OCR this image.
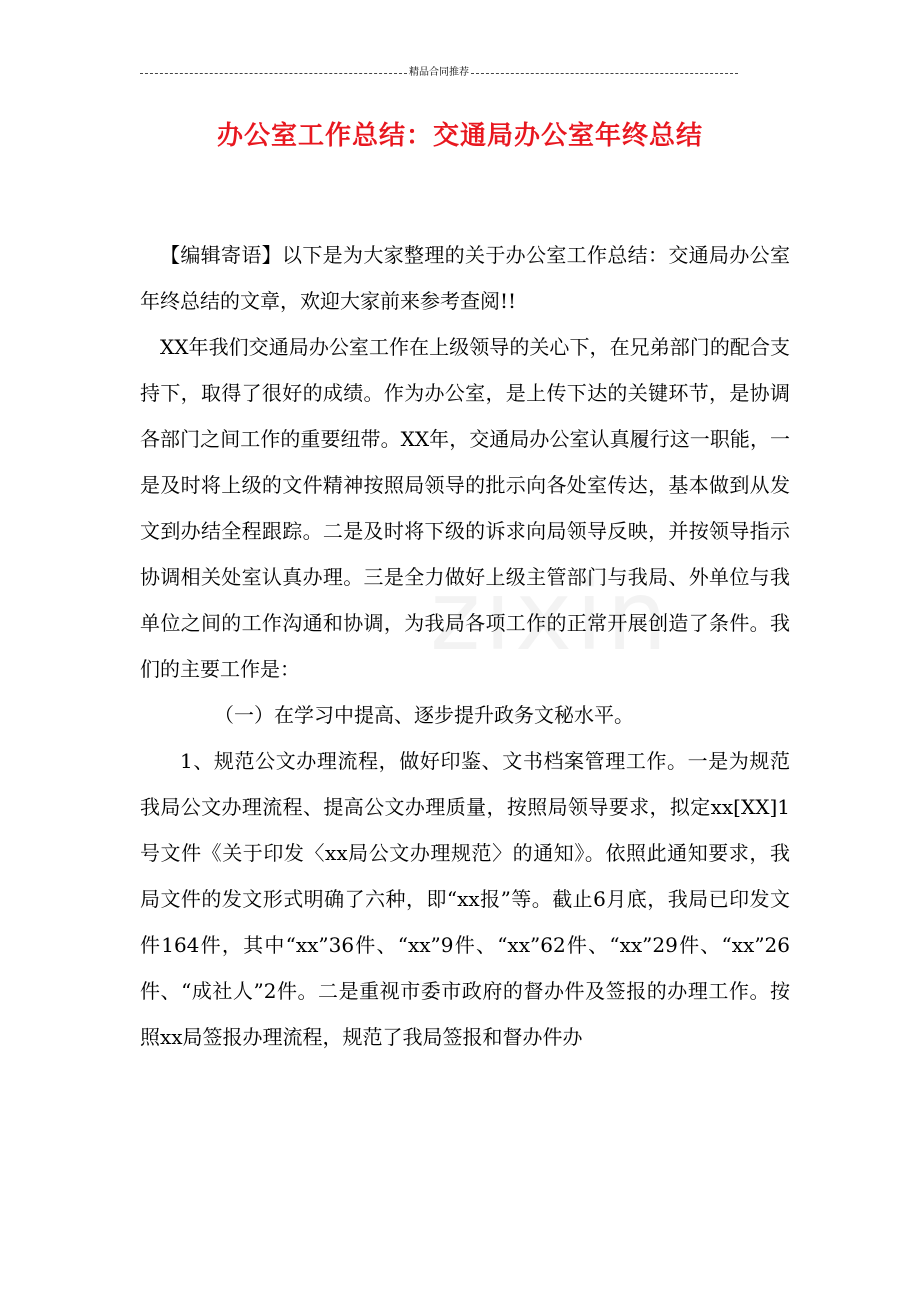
精品合同推荐
办公室工作总结：交通局办公室年终总结

【编辑寄语】以下是为大家整理的关于办公室工作总结：交通局办公室年终总结的文章，欢迎大家前来参考查阅!!

XX年我们交通局办公室工作在上级领导的关心下，在兄弟部门的配合支持下，取得了很好的成绩。作为办公室，是上传下达的关键环节，是协调各部门之间工作的重要纽带。XX年，交通局办公室认真履行这一职能，一是及时将上级的文件精神按照局领导的批示向各处室传达，基本做到从发文到办结全程跟踪。二是及时将下级的诉求向局领导反映，并按领导指示协调相关处室认真办理。三是全力做好上级主管部门与我局、外单位与我单位之间的工作沟通和协调，为我局各项工作的正常开展创造了条件。我们的主要工作是：

（一）在学习中提高、逐步提升政务文秘水平。

1、规范公文办理流程，做好印鉴、文书档案管理工作。一是为规范我局公文办理流程、提高公文办理质量，按照局领导要求，拟定xx[XX]1号文件《关于印发〈xx局公文办理规范〉的通知》。依照此通知要求，我局文件的发文形式明确了六种，即“xx报”等。截止6月底，我局已印发文件164件，其中“xx”36件、“xx”9件、“xx”62件、“xx”29件、“xx”26件、“成社人”2件。二是重视市委市政府的督办件及签报的办理工作。按照xx局签报办理流程，规范了我局签报和督办件办
